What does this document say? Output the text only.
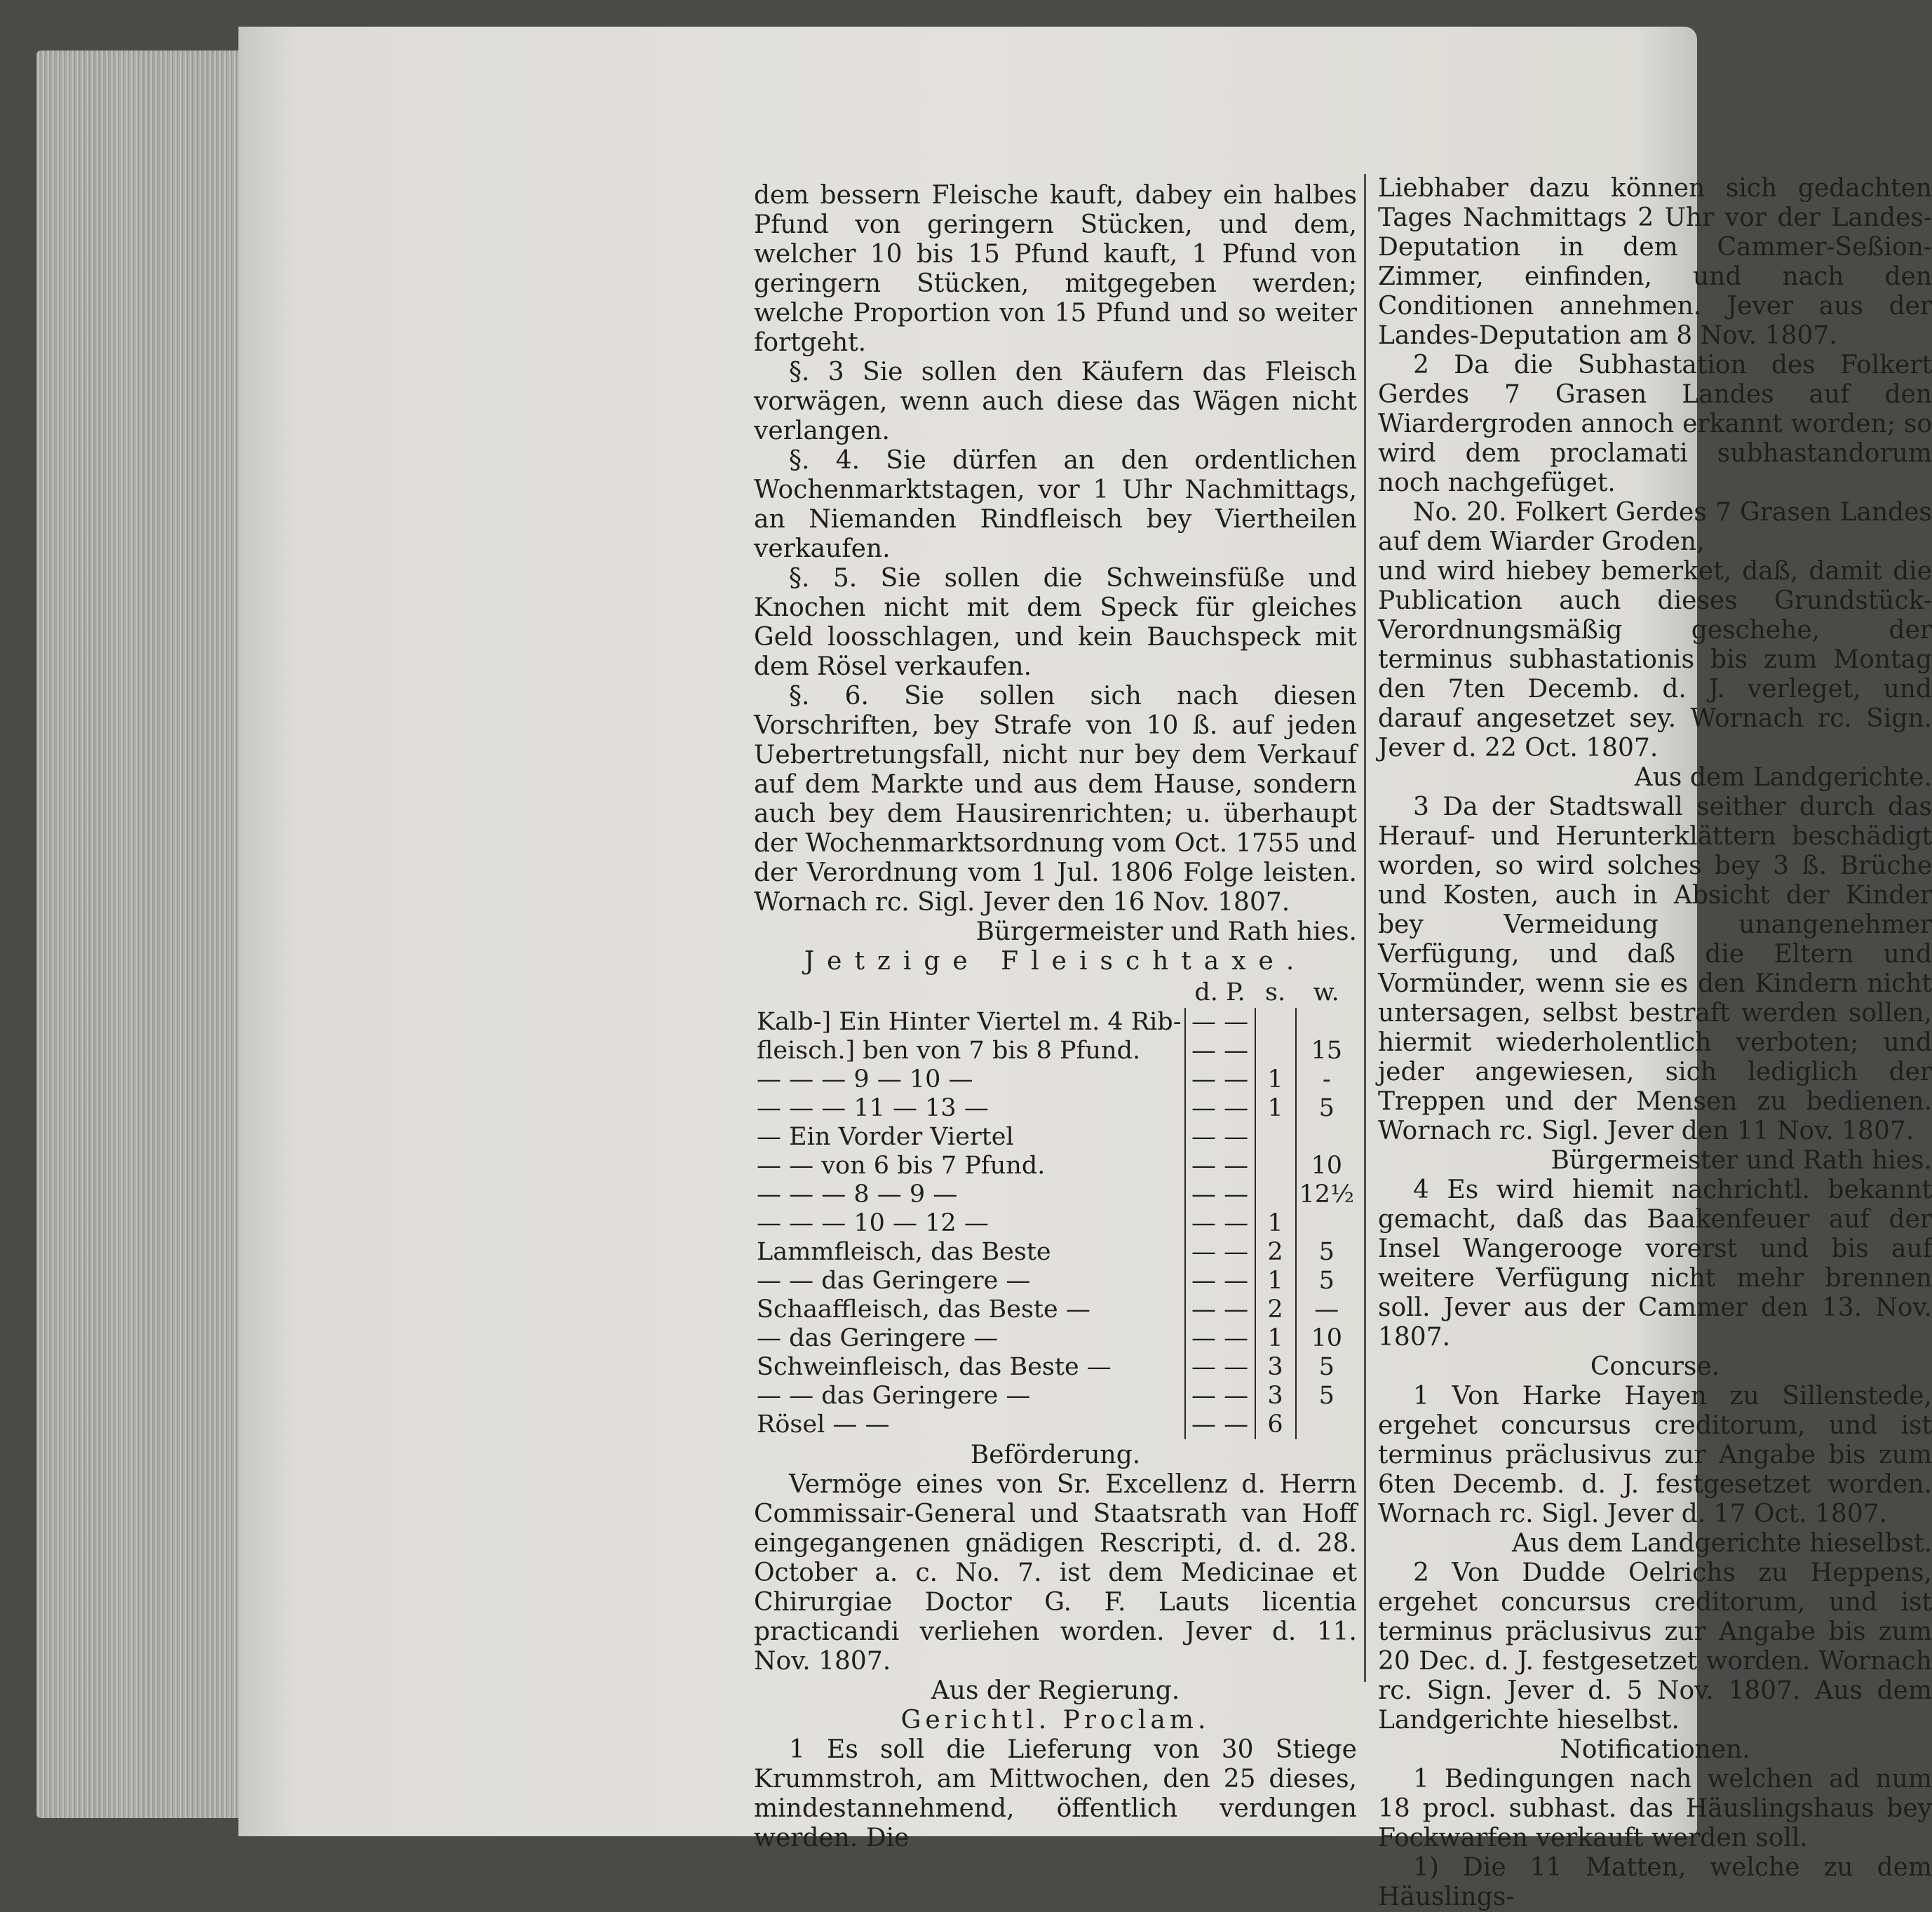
dem bessern Fleische kauft, dabey ein halbes Pfund von geringern Stücken, und dem, welcher 10 bis 15 Pfund kauft, 1 Pfund von geringern Stücken, mitgegeben werden; welche Proportion von 15 Pfund und so weiter fortgeht.

§. 3 Sie sollen den Käufern das Fleisch vorwägen, wenn auch diese das Wägen nicht verlangen.

§. 4. Sie dürfen an den ordentlichen Wochenmarktstagen, vor 1 Uhr Nachmittags, an Niemanden Rindfleisch bey Viertheilen verkaufen.

§. 5. Sie sollen die Schweinsfüße und Knochen nicht mit dem Speck für gleiches Geld loosschlagen, und kein Bauchspeck mit dem Rösel verkaufen.

§. 6. Sie sollen sich nach diesen Vorschriften, bey Strafe von 10 ß. auf jeden Uebertretungsfall, nicht nur bey dem Verkauf auf dem Markte und aus dem Hause, sondern auch bey dem Hausirenrichten; u. überhaupt der Wochenmarktsordnung vom Oct. 1755 und der Verordnung vom 1 Jul. 1806 Folge leisten. Wornach rc. Sigl. Jever den 16 Nov. 1807.

Bürgermeister und Rath hies.

Jetzige Fleischtaxe.

	d. P.	s.	w.
Kalb-] Ein Hinter Viertel m. 4 Rib-	— —		
fleisch.] ben von 7 bis 8 Pfund.	— —		15
— — — 9 — 10 —	— —	1	-
— — — 11 — 13 —	— —	1	5
— Ein Vorder Viertel	— —		
— — von 6 bis 7 Pfund.	— —		10
— — — 8 — 9 —	— —		12½
— — — 10 — 12 —	— —	1	
Lammfleisch, das Beste	— —	2	5
— — das Geringere —	— —	1	5
Schaaffleisch, das Beste —	— —	2	—
— das Geringere —	— —	1	10
Schweinfleisch, das Beste —	— —	3	5
— — das Geringere —	— —	3	5
Rösel — —	— —	6	

Beförderung.

Vermöge eines von Sr. Excellenz d. Herrn Commissair-General und Staatsrath van Hoff eingegangenen gnädigen Rescripti, d. d. 28. October a. c. No. 7. ist dem Medicinae et Chirurgiae Doctor G. F. Lauts licentia practicandi verliehen worden. Jever d. 11. Nov. 1807.

Aus der Regierung.

Gerichtl. Proclam.

1 Es soll die Lieferung von 30 Stiege Krummstroh, am Mittwochen, den 25 dieses, mindestannehmend, öffentlich verdungen werden. Die

Liebhaber dazu können sich gedachten Tages Nachmittags 2 Uhr vor der Landes-Deputation in dem Cammer-Seßion-Zimmer, einfinden, und nach den Conditionen annehmen. Jever aus der Landes-Deputation am 8 Nov. 1807.

2 Da die Subhastation des Folkert Gerdes 7 Grasen Landes auf den Wiardergroden annoch erkannt worden; so wird dem proclamati subhastandorum noch nachgefüget.

No. 20. Folkert Gerdes 7 Grasen Landes auf dem Wiarder Groden,

und wird hiebey bemerket, daß, damit die Publication auch dieses Grundstück-Verordnungsmäßig geschehe, der terminus subhastationis bis zum Montag den 7ten Decemb. d. J. verleget, und darauf angesetzet sey. Wornach rc. Sign. Jever d. 22 Oct. 1807.

Aus dem Landgerichte.

3 Da der Stadtswall seither durch das Herauf- und Herunterklättern beschädigt worden, so wird solches bey 3 ß. Brüche und Kosten, auch in Absicht der Kinder bey Vermeidung unangenehmer Verfügung, und daß die Eltern und Vormünder, wenn sie es den Kindern nicht untersagen, selbst bestraft werden sollen, hiermit wiederholentlich verboten; und jeder angewiesen, sich lediglich der Treppen und der Mensen zu bedienen. Wornach rc. Sigl. Jever den 11 Nov. 1807.

Bürgermeister und Rath hies.

4 Es wird hiemit nachrichtl. bekannt gemacht, daß das Baakenfeuer auf der Insel Wangerooge vorerst und bis auf weitere Verfügung nicht mehr brennen soll. Jever aus der Cammer den 13. Nov. 1807.

Concurse.

1 Von Harke Hayen zu Sillenstede, ergehet concursus creditorum, und ist terminus präclusivus zur Angabe bis zum 6ten Decemb. d. J. festgesetzet worden. Wornach rc. Sigl. Jever d. 17 Oct. 1807.

Aus dem Landgerichte hieselbst.

2 Von Dudde Oelrichs zu Heppens, ergehet concursus creditorum, und ist terminus präclusivus zur Angabe bis zum 20 Dec. d. J. festgesetzet worden. Wornach rc. Sign. Jever d. 5 Nov. 1807. Aus dem Landgerichte hieselbst.

Notificationen.

1 Bedingungen nach welchen ad num 18 procl. subhast. das Häuslingshaus bey Fockwarfen verkauft werden soll.

1) Die 11 Matten, welche zu dem Häuslings-
